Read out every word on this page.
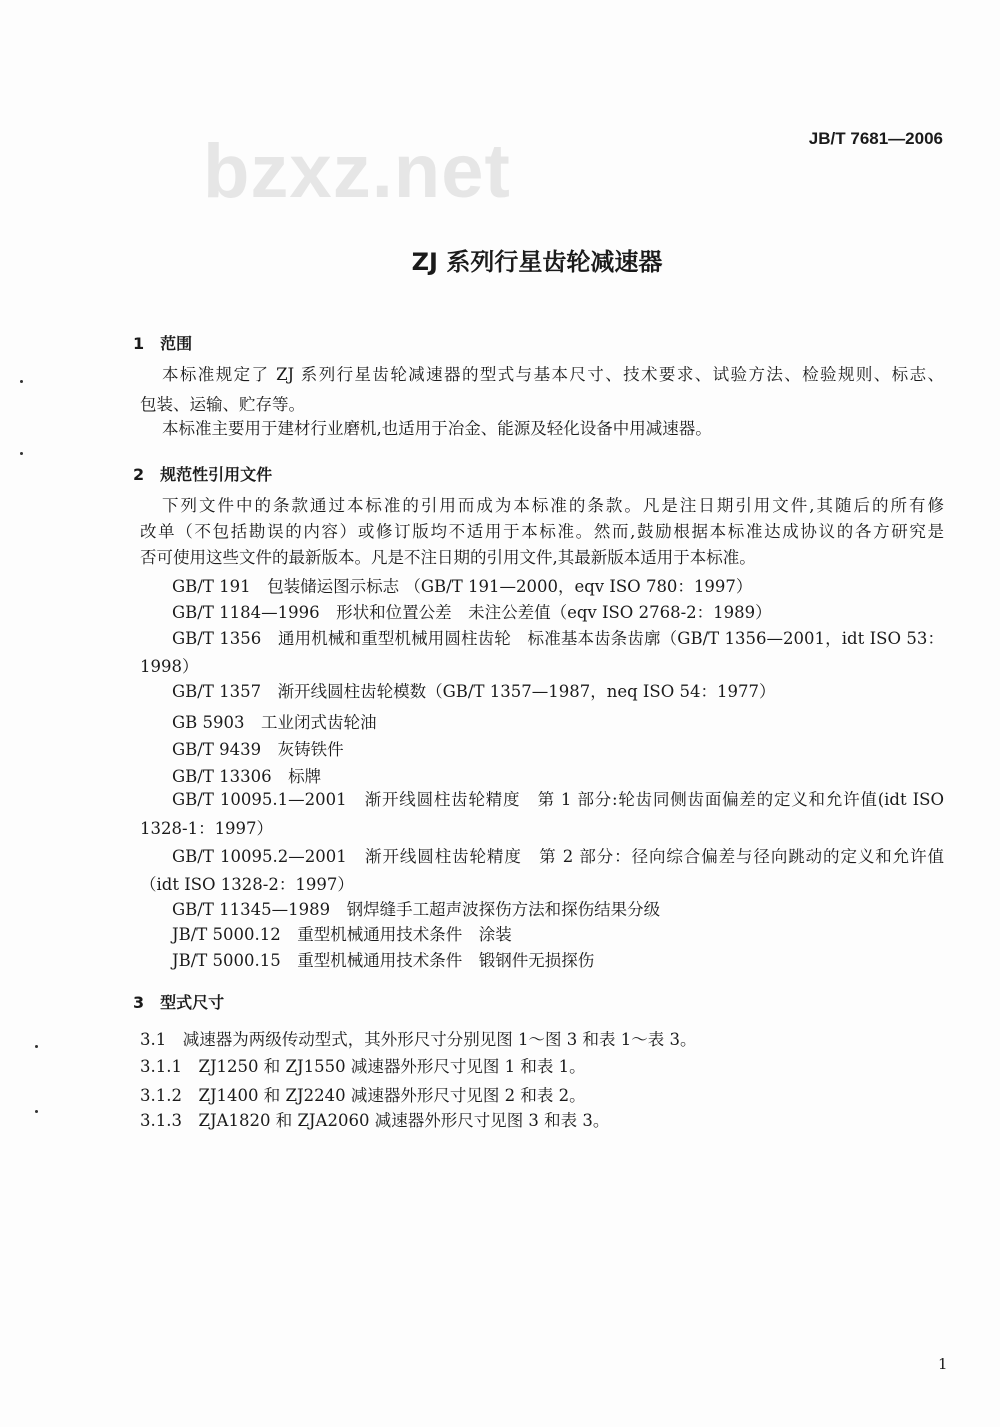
bzxz.net	JB/T 7681—2006
ZJ 系列行星齿轮减速器
1　范围
本标准规定了 ZJ 系列行星齿轮减速器的型式与基本尺寸、技术要求、试验方法、检验规则、标志、
包装、运输、贮存等。
本标准主要用于建材行业磨机,也适用于冶金、能源及轻化设备中用减速器。
2　规范性引用文件
下列文件中的条款通过本标准的引用而成为本标准的条款。凡是注日期引用文件,其随后的所有修
改单（不包括勘误的内容）或修订版均不适用于本标准。然而,鼓励根据本标准达成协议的各方研究是
否可使用这些文件的最新版本。凡是不注日期的引用文件,其最新版本适用于本标准。
GB/T 191　包装储运图示标志 （GB/T 191—2000，eqv ISO 780：1997）
GB/T 1184—1996　形状和位置公差　未注公差值（eqv ISO 2768-2：1989）
GB/T 1356　通用机械和重型机械用圆柱齿轮　标准基本齿条齿廓（GB/T 1356—2001，idt ISO 53：
1998）
GB/T 1357　渐开线圆柱齿轮模数（GB/T 1357—1987，neq ISO 54：1977）
GB 5903　工业闭式齿轮油
GB/T 9439　灰铸铁件
GB/T 13306　标牌
GB/T 10095.1—2001　渐开线圆柱齿轮精度　第 1 部分:轮齿同侧齿面偏差的定义和允许值(idt ISO
1328-1：1997）
GB/T 10095.2—2001　渐开线圆柱齿轮精度　第 2 部分：径向综合偏差与径向跳动的定义和允许值
（idt ISO 1328-2：1997）
GB/T 11345—1989　钢焊缝手工超声波探伤方法和探伤结果分级
JB/T 5000.12　重型机械通用技术条件　涂装
JB/T 5000.15　重型机械通用技术条件　锻钢件无损探伤
3　型式尺寸
3.1　减速器为两级传动型式，其外形尺寸分别见图 1～图 3 和表 1～表 3。
3.1.1　ZJ1250 和 ZJ1550 减速器外形尺寸见图 1 和表 1。
3.1.2　ZJ1400 和 ZJ2240 减速器外形尺寸见图 2 和表 2。
3.1.3　ZJA1820 和 ZJA2060 减速器外形尺寸见图 3 和表 3。
1
